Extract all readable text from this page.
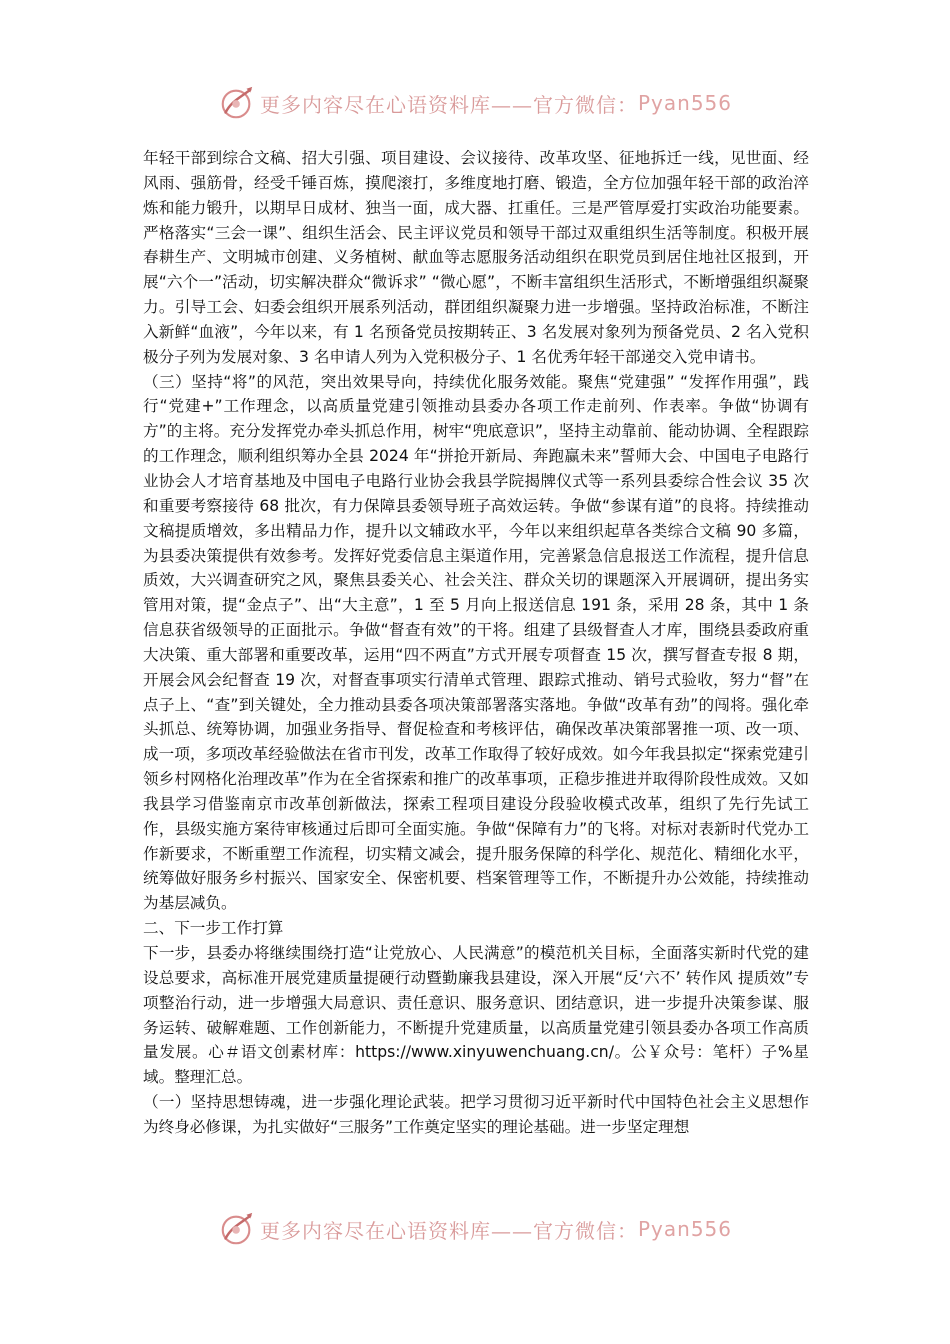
更多内容尽在心语资料库——官方微信： Pyan556

年轻干部到综合文稿、招大引强、项目建设、会议接待、改革攻坚、征地拆迁一线，见世面、经风雨、强筋骨，经受千锤百炼，摸爬滚打，多维度地打磨、锻造，全方位加强年轻干部的政治淬炼和能力锻升，以期早日成材、独当一面，成大器、扛重任。三是严管厚爱打实政治功能要素。严格落实“三会一课”、组织生活会、民主评议党员和领导干部过双重组织生活等制度。积极开展春耕生产、文明城市创建、义务植树、献血等志愿服务活动组织在职党员到居住地社区报到，开展“六个一”活动，切实解决群众“微诉求” “微心愿”，不断丰富组织生活形式，不断增强组织凝聚力。引导工会、妇委会组织开展系列活动，群团组织凝聚力进一步增强。坚持政治标准，不断注入新鲜“血液”，今年以来，有 1 名预备党员按期转正、3 名发展对象列为预备党员、2 名入党积极分子列为发展对象、3 名申请人列为入党积极分子、1 名优秀年轻干部递交入党申请书。

（三）坚持“将”的风范，突出效果导向，持续优化服务效能。聚焦“党建强” “发挥作用强”，践行“党建+”工作理念，以高质量党建引领推动县委办各项工作走前列、作表率。争做“协调有方”的主将。充分发挥党办牵头抓总作用，树牢“兜底意识”，坚持主动靠前、能动协调、全程跟踪的工作理念，顺利组织筹办全县 2024 年“拼抢开新局、奔跑赢未来”誓师大会、中国电子电路行业协会人才培育基地及中国电子电路行业协会我县学院揭牌仪式等一系列县委综合性会议 35 次和重要考察接待 68 批次，有力保障县委领导班子高效运转。争做“参谋有道”的良将。持续推动文稿提质增效，多出精品力作，提升以文辅政水平，今年以来组织起草各类综合文稿 90 多篇，为县委决策提供有效参考。发挥好党委信息主渠道作用，完善紧急信息报送工作流程，提升信息质效，大兴调查研究之风，聚焦县委关心、社会关注、群众关切的课题深入开展调研，提出务实管用对策，提“金点子”、出“大主意”，1 至 5 月向上报送信息 191 条，采用 28 条，其中 1 条信息获省级领导的正面批示。争做“督查有效”的干将。组建了县级督查人才库，围绕县委政府重大决策、重大部署和重要改革，运用“四不两直”方式开展专项督查 15 次，撰写督查专报 8 期，开展会风会纪督查 19 次，对督查事项实行清单式管理、跟踪式推动、销号式验收，努力“督”在点子上、“查”到关键处，全力推动县委各项决策部署落实落地。争做“改革有劲”的闯将。强化牵头抓总、统筹协调，加强业务指导、督促检查和考核评估，确保改革决策部署推一项、改一项、成一项，多项改革经验做法在省市刊发，改革工作取得了较好成效。如今年我县拟定“探索党建引领乡村网格化治理改革”作为在全省探索和推广的改革事项，正稳步推进并取得阶段性成效。又如我县学习借鉴南京市改革创新做法，探索工程项目建设分段验收模式改革，组织了先行先试工作，县级实施方案待审核通过后即可全面实施。争做“保障有力”的飞将。对标对表新时代党办工作新要求，不断重塑工作流程，切实精文减会，提升服务保障的科学化、规范化、精细化水平，统筹做好服务乡村振兴、国家安全、保密机要、档案管理等工作，不断提升办公效能，持续推动为基层减负。

二、下一步工作打算

下一步，县委办将继续围绕打造“让党放心、人民满意”的模范机关目标，全面落实新时代党的建设总要求，高标准开展党建质量提硬行动暨勤廉我县建设，深入开展“反‘六不’ 转作风 提质效”专项整治行动，进一步增强大局意识、责任意识、服务意识、团结意识，进一步提升决策参谋、服务运转、破解难题、工作创新能力，不断提升党建质量，以高质量党建引领县委办各项工作高质量发展。心＃语文创素材库：https://www.xinyuwenchuang.cn/。公￥众号：笔杆）子%星域。整理汇总。

（一）坚持思想铸魂，进一步强化理论武装。把学习贯彻习近平新时代中国特色社会主义思想作为终身必修课，为扎实做好“三服务”工作奠定坚实的理论基础。进一步坚定理想

更多内容尽在心语资料库——官方微信： Pyan556
